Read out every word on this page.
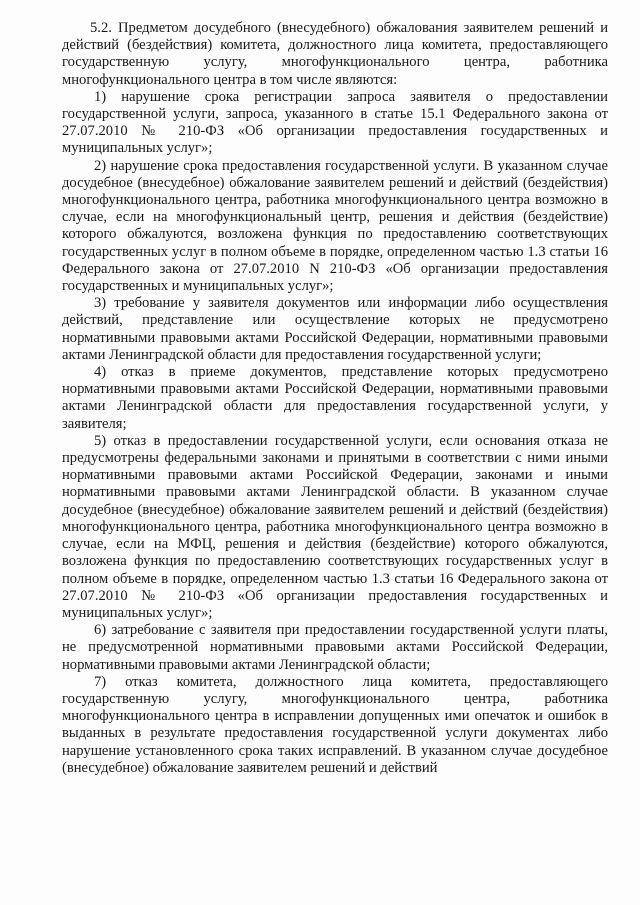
5.2. Предметом досудебного (внесудебного) обжалования заявителем решений и действий (бездействия) комитета, должностного лица комитета, предоставляющего государственную услугу, многофункционального центра, работника многофункционального центра в том числе являются:

1) нарушение срока регистрации запроса заявителя о предоставлении государственной услуги, запроса, указанного в статье 15.1 Федерального закона от 27.07.2010 № 210-ФЗ «Об организации предоставления государственных и муниципальных услуг»;

2) нарушение срока предоставления государственной услуги. В указанном случае досудебное (внесудебное) обжалование заявителем решений и действий (бездействия) многофункционального центра, работника многофункционального центра возможно в случае, если на многофункциональный центр, решения и действия (бездействие) которого обжалуются, возложена функция по предоставлению соответствующих государственных услуг в полном объеме в порядке, определенном частью 1.3 статьи 16 Федерального закона от 27.07.2010 N 210-ФЗ «Об организации предоставления государственных и муниципальных услуг»;

3) требование у заявителя документов или информации либо осуществления действий, представление или осуществление которых не предусмотрено нормативными правовыми актами Российской Федерации, нормативными правовыми актами Ленинградской области для предоставления государственной услуги;

4) отказ в приеме документов, представление которых предусмотрено нормативными правовыми актами Российской Федерации, нормативными правовыми актами Ленинградской области для предоставления государственной услуги, у заявителя;

5) отказ в предоставлении государственной услуги, если основания отказа не предусмотрены федеральными законами и принятыми в соответствии с ними иными нормативными правовыми актами Российской Федерации, законами и иными нормативными правовыми актами Ленинградской области. В указанном случае досудебное (внесудебное) обжалование заявителем решений и действий (бездействия) многофункционального центра, работника многофункционального центра возможно в случае, если на МФЦ, решения и действия (бездействие) которого обжалуются, возложена функция по предоставлению соответствующих государственных услуг в полном объеме в порядке, определенном частью 1.3 статьи 16 Федерального закона от 27.07.2010 № 210-ФЗ «Об организации предоставления государственных и муниципальных услуг»;

6) затребование с заявителя при предоставлении государственной услуги платы, не предусмотренной нормативными правовыми актами Российской Федерации, нормативными правовыми актами Ленинградской области;

7) отказ комитета, должностного лица комитета, предоставляющего государственную услугу, многофункционального центра, работника многофункционального центра в исправлении допущенных ими опечаток и ошибок в выданных в результате предоставления государственной услуги документах либо нарушение установленного срока таких исправлений. В указанном случае досудебное (внесудебное) обжалование заявителем решений и действий
